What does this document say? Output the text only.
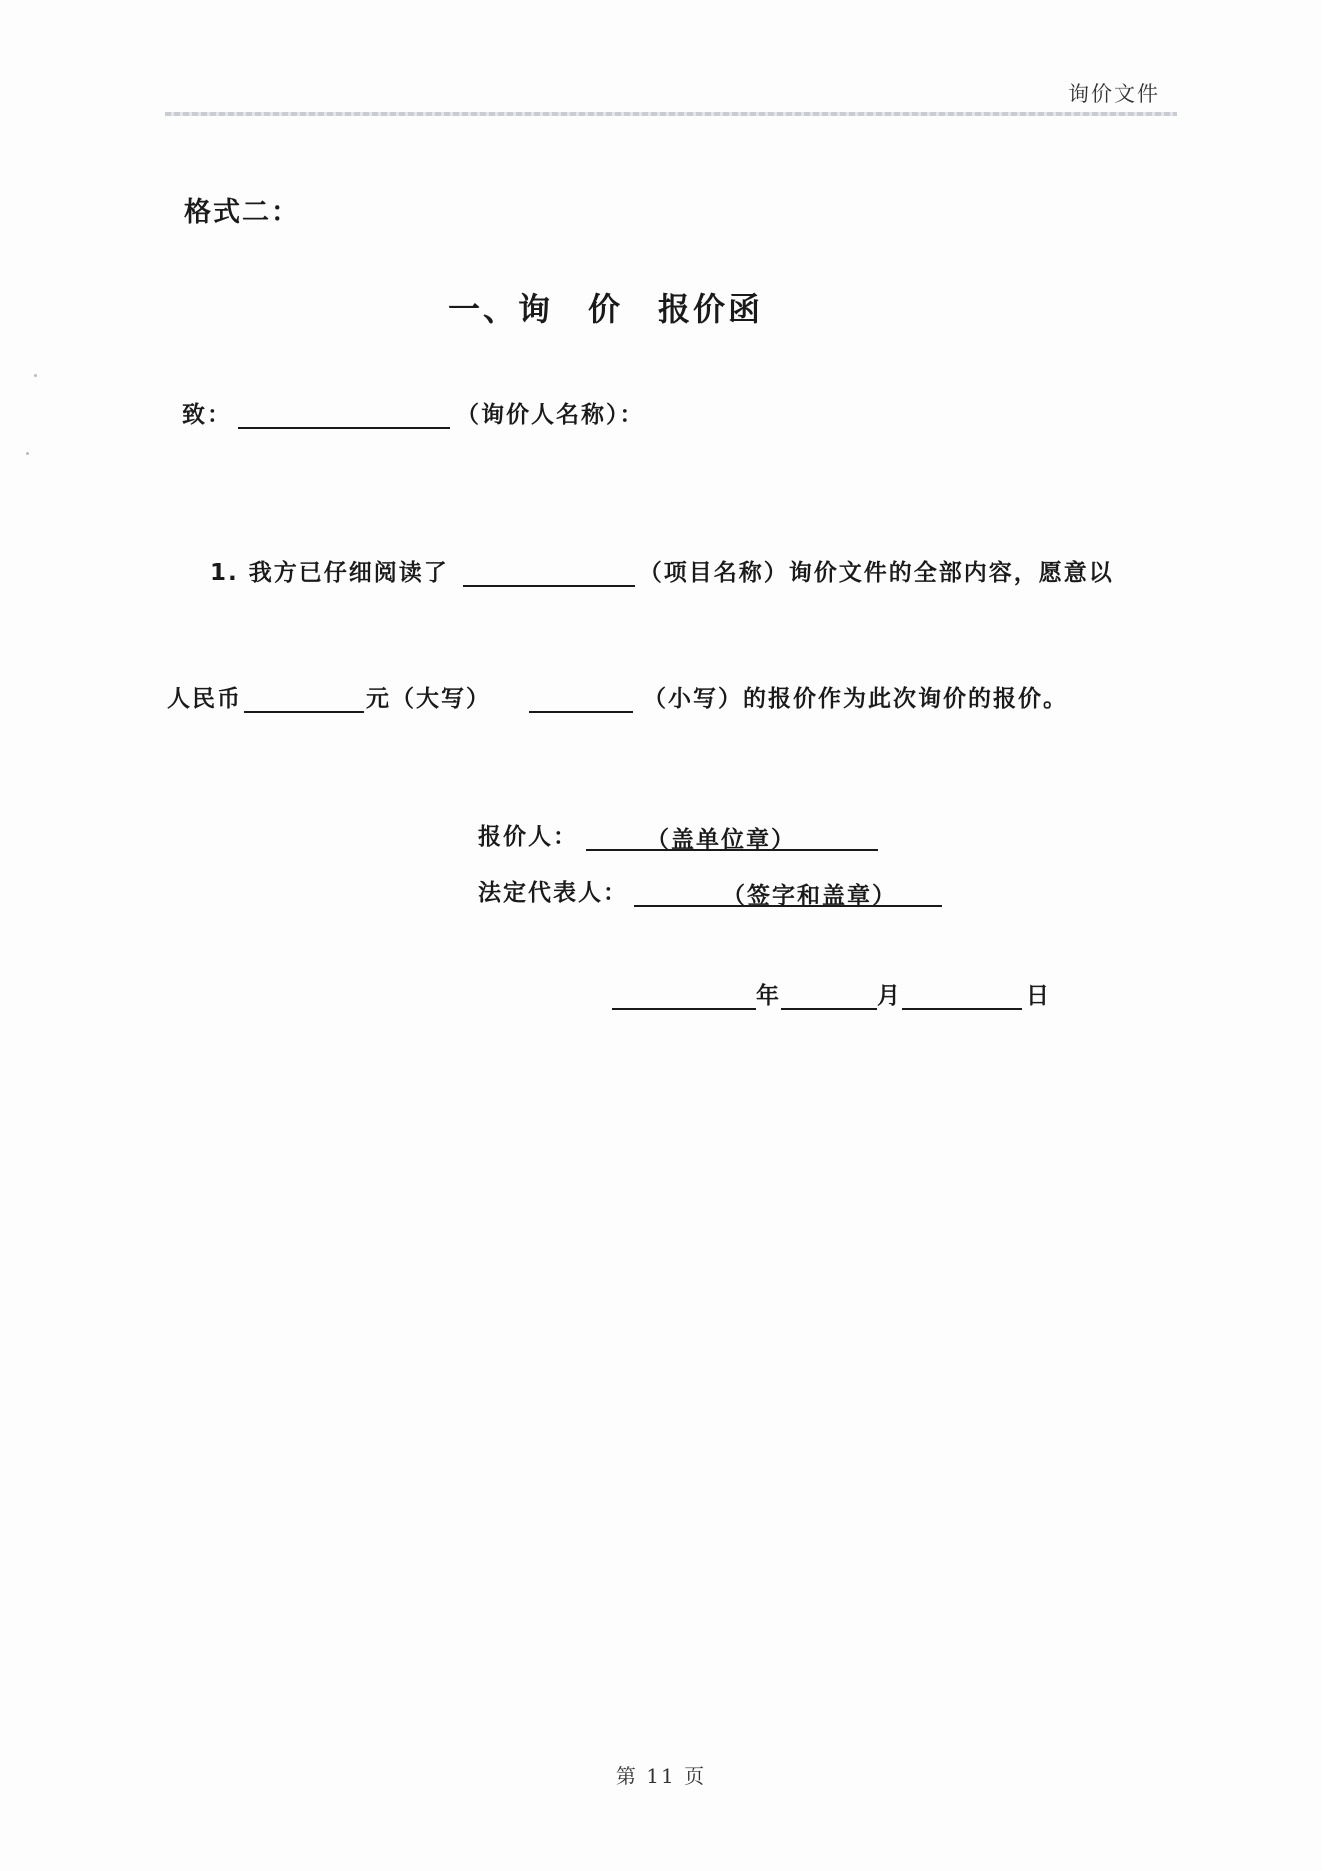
询价文件
格式二：
一、询　价　报价函
致：	（询价人名称）：
1. 我方已仔细阅读了	（项目名称）询价文件的全部内容，愿意以
人民币	元（大写）	（小写）的报价作为此次询价的报价。
报价人：	（盖单位章）
法定代表人：	（签字和盖章）
年	月	日
第 11 页
